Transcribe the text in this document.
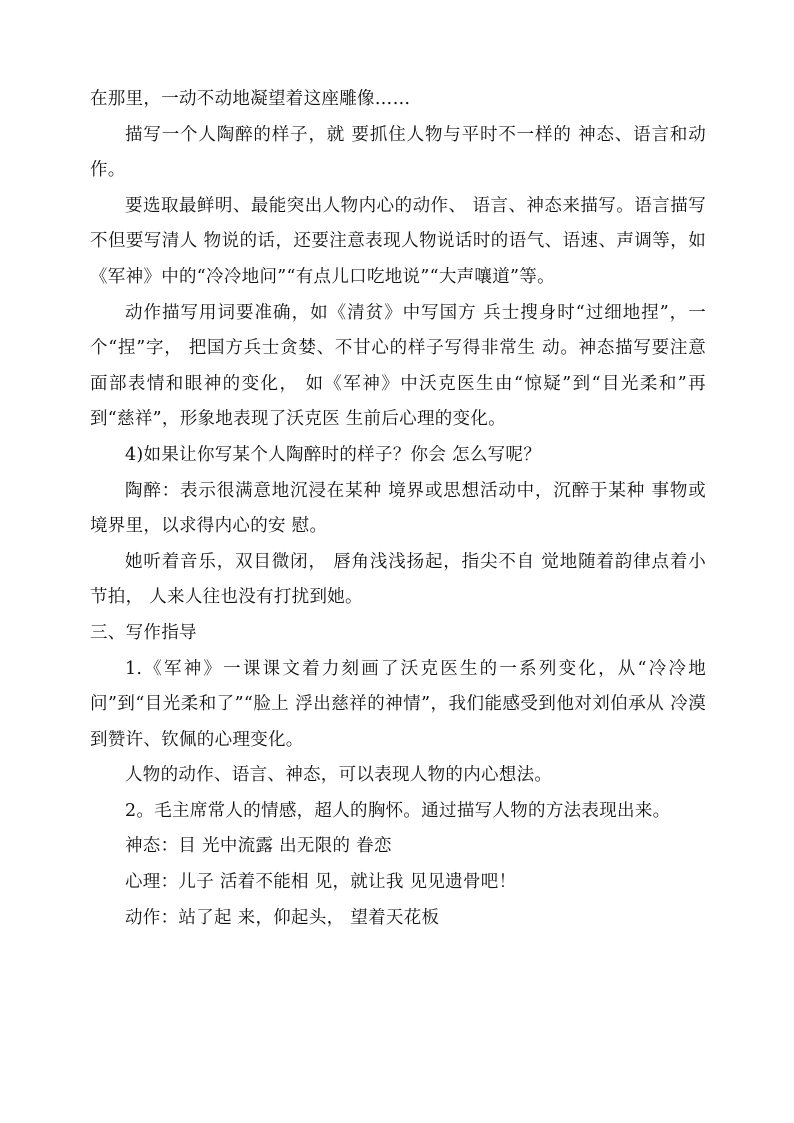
在那里，一动不动地凝望着这座雕像……

描写一个人陶醉的样子，就 要抓住人物与平时不一样的 神态、语言和动作。

要选取最鲜明、最能突出人物内心的动作、 语言、神态来描写。语言描写不但要写清人 物说的话，还要注意表现人物说话时的语气、语速、声调等，如《军神》中的“冷冷地问”“有点儿口吃地说”“大声嚷道”等。

动作描写用词要准确，如《清贫》中写国方 兵士搜身时“过细地捏”，一个“捏”字， 把国方兵士贪婪、不甘心的样子写得非常生 动。神态描写要注意面部表情和眼神的变化， 如《军神》中沃克医生由“惊疑”到“目光柔和”再到“慈祥”，形象地表现了沃克医 生前后心理的变化。

4)如果让你写某个人陶醉时的样子？你会 怎么写呢？

陶醉：表示很满意地沉浸在某种 境界或思想活动中，沉醉于某种 事物或境界里，以求得内心的安 慰。

她听着音乐，双目微闭， 唇角浅浅扬起，指尖不自 觉地随着韵律点着小节拍， 人来人往也没有打扰到她。

三、写作指导

1.《军神》一课课文着力刻画了沃克医生的一系列变化，从“冷冷地问”到“目光柔和了”“脸上 浮出慈祥的神情”，我们能感受到他对刘伯承从 冷漠到赞许、钦佩的心理变化。

人物的动作、语言、神态，可以表现人物的内心想法。

2。毛主席常人的情感，超人的胸怀。通过描写人物的方法表现出来。

神态：目 光中流露 出无限的 眷恋

心理：儿子 活着不能相 见，就让我 见见遗骨吧！

动作：站了起 来，仰起头， 望着天花板
